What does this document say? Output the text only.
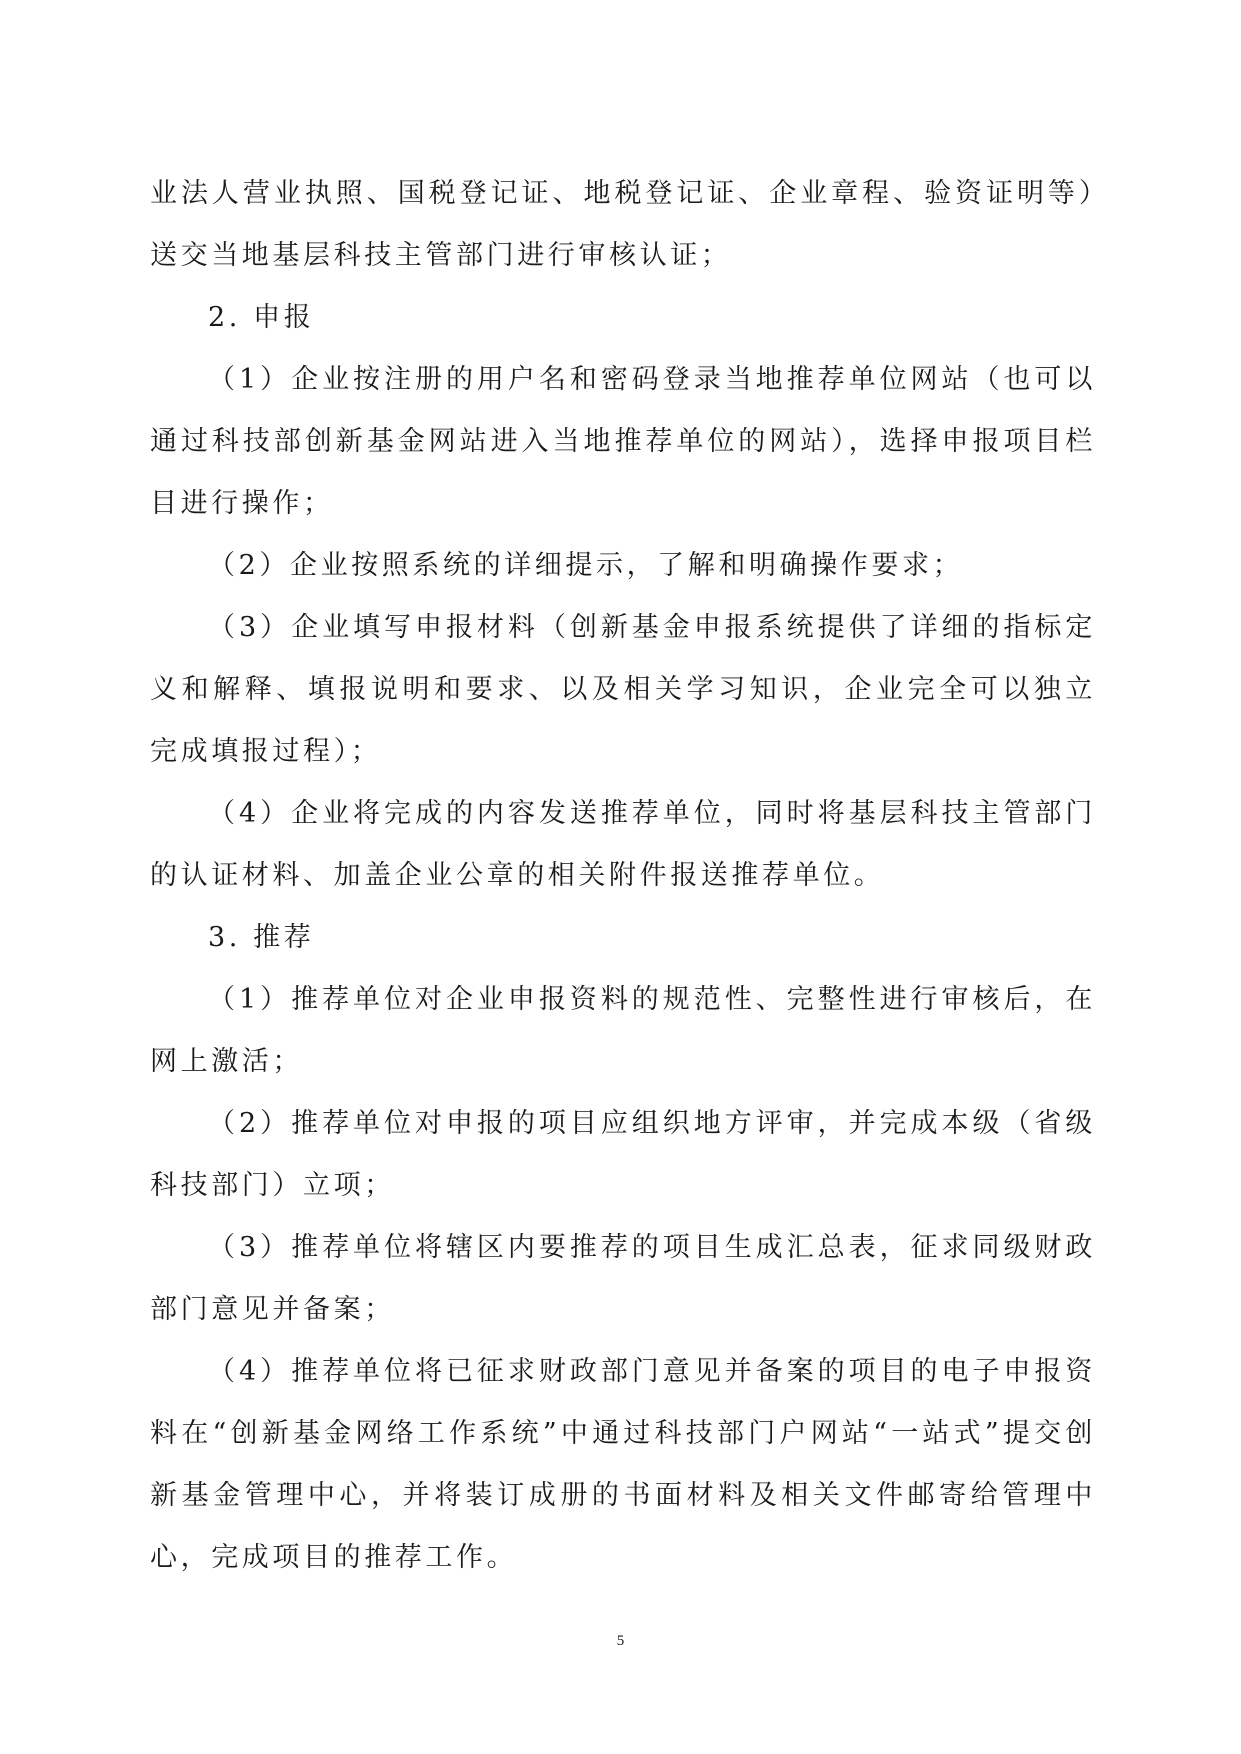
业法人营业执照、国税登记证、地税登记证、企业章程、验资证明等）送交当地基层科技主管部门进行审核认证；

2. 申报

（1）企业按注册的用户名和密码登录当地推荐单位网站（也可以通过科技部创新基金网站进入当地推荐单位的网站），选择申报项目栏目进行操作；

（2）企业按照系统的详细提示，了解和明确操作要求；

（3）企业填写申报材料（创新基金申报系统提供了详细的指标定义和解释、填报说明和要求、以及相关学习知识，企业完全可以独立完成填报过程）；

（4）企业将完成的内容发送推荐单位，同时将基层科技主管部门的认证材料、加盖企业公章的相关附件报送推荐单位。

3. 推荐

（1）推荐单位对企业申报资料的规范性、完整性进行审核后，在网上激活；

（2）推荐单位对申报的项目应组织地方评审，并完成本级（省级科技部门）立项；

（3）推荐单位将辖区内要推荐的项目生成汇总表，征求同级财政部门意见并备案；

（4）推荐单位将已征求财政部门意见并备案的项目的电子申报资料在“创新基金网络工作系统”中通过科技部门户网站“一站式”提交创新基金管理中心，并将装订成册的书面材料及相关文件邮寄给管理中心，完成项目的推荐工作。

5
